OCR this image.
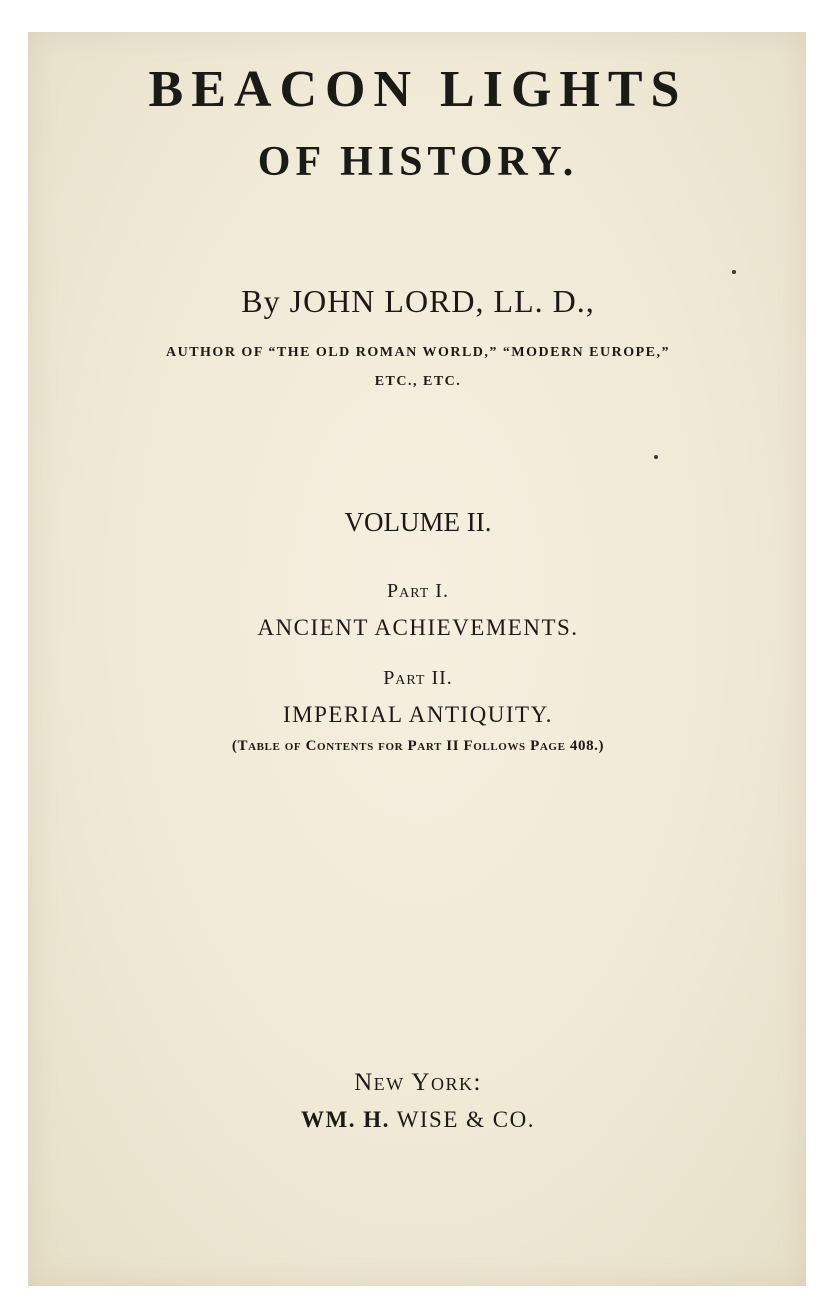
BEACON LIGHTS
OF HISTORY.
By JOHN LORD, LL. D.,
AUTHOR OF “THE OLD ROMAN WORLD,” “MODERN EUROPE,”
ETC., ETC.
VOLUME II.
Part I.
ANCIENT ACHIEVEMENTS.
Part II.
IMPERIAL ANTIQUITY.
(Table of Contents for Part II Follows Page 408.)
New York:
WM. H. WISE & CO.
